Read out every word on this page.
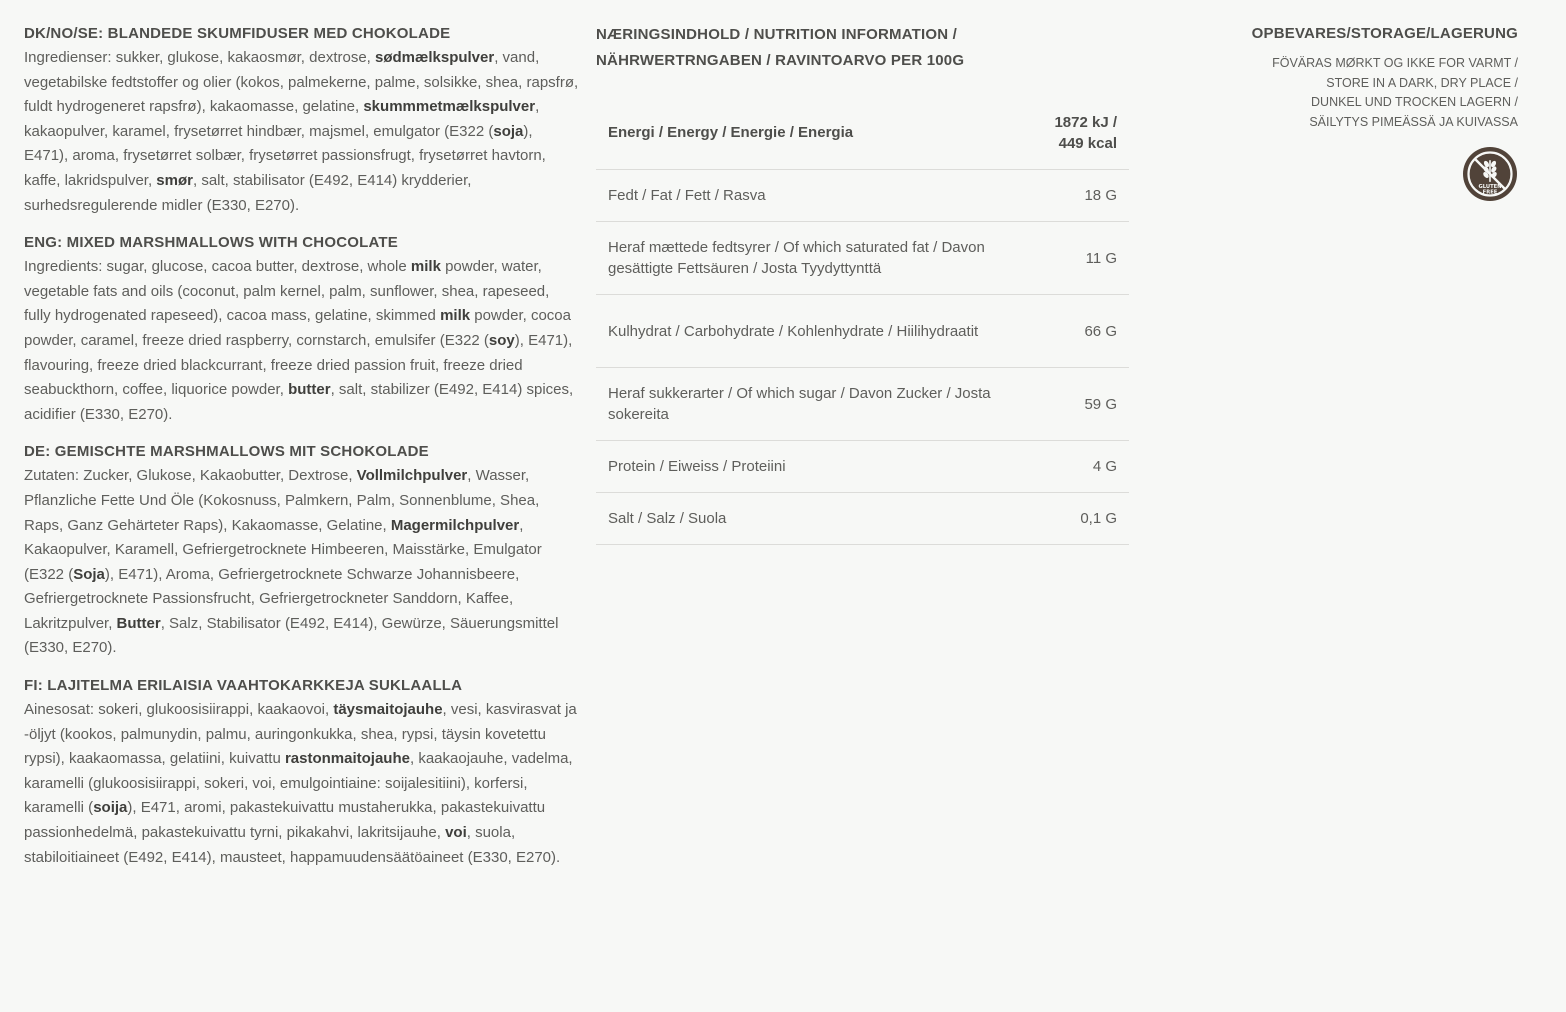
DK/NO/SE: BLANDEDE SKUMFIDUSER MED CHOKOLADE

Ingredienser: sukker, glukose, kakaosmør, dextrose, sødmælkspulver, vand, vegetabilske fedtstoffer og olier (kokos, palmekerne, palme, solsikke, shea, rapsfrø, fuldt hydrogeneret rapsfrø), kakaomasse, gelatine, skummmetmælkspulver, kakaopulver, karamel, frysetørret hindbær, majsmel, emulgator (E322 (soja), E471), aroma, frysetørret solbær, frysetørret passionsfrugt, frysetørret havtorn, kaffe, lakridspulver, smør, salt, stabilisator (E492, E414) krydderier, surhedsregulerende midler (E330, E270).

ENG: MIXED MARSHMALLOWS WITH CHOCOLATE

Ingredients: sugar, glucose, cacoa butter, dextrose, whole milk powder, water, vegetable fats and oils (coconut, palm kernel, palm, sunflower, shea, rapeseed, fully hydrogenated rapeseed), cacoa mass, gelatine, skimmed milk powder, cocoa powder, caramel, freeze dried raspberry, cornstarch, emulsifer (E322 (soy), E471), flavouring, freeze dried blackcurrant, freeze dried passion fruit, freeze dried seabuckthorn, coffee, liquorice powder, butter, salt, stabilizer (E492, E414) spices, acidifier (E330, E270).

DE: GEMISCHTE MARSHMALLOWS MIT SCHOKOLADE

Zutaten: Zucker, Glukose, Kakaobutter, Dextrose, Vollmilchpulver, Wasser, Pflanzliche Fette Und Öle (Kokosnuss, Palmkern, Palm, Sonnenblume, Shea, Raps, Ganz Gehärteter Raps), Kakaomasse, Gelatine, Magermilchpulver, Kakaopulver, Karamell, Gefriergetrocknete Himbeeren, Maisstärke, Emulgator (E322 (Soja), E471), Aroma, Gefriergetrocknete Schwarze Johannisbeere, Gefriergetrocknete Passionsfrucht, Gefriergetrockneter Sanddorn, Kaffee, Lakritzpulver, Butter, Salz, Stabilisator (E492, E414), Gewürze, Säuerungsmittel (E330, E270).

FI: LAJITELMA ERILAISIA VAAHTOKARKKEJA SUKLAALLA

Ainesosat: sokeri, glukoosisiirappi, kaakaovoi, täysmaitojauhe, vesi, kasvirasvat ja -öljyt (kookos, palmunydin, palmu, auringonkukka, shea, rypsi, täysin kovetettu rypsi), kaakaomassa, gelatiini, kuivattu rastonmaitojauhe, kaakaojauhe, vadelma, karamelli (glukoosisiirappi, sokeri, voi, emulgointiaine: soijalesitiini), korfersi, karamelli (soija), E471, aromi, pakastekuivattu mustaherukka, pakastekuivattu passionhedelmä, pakastekuivattu tyrni, pikakahvi, lakritsijauhe, voi, suola, stabiloitiaineet (E492, E414), mausteet, happamuudensäätöaineet (E330, E270).

NÆRINGSINDHOLD / NUTRITION INFORMATION /
NÄHRWERTRNGABEN / RAVINTOARVO PER 100G
Energi / Energy / Energie / Energia	1872 kJ / 449 kcal
Fedt / Fat / Fett / Rasva	18 G
Heraf mættede fedtsyrer / Of which saturated fat / Davon gesättigte Fettsäuren / Josta Tyydyttynttä	11 G
Kulhydrat / Carbohydrate / Kohlenhydrate / Hiilihydraatit	66 G
Heraf sukkerarter / Of which sugar / Davon Zucker / Josta sokereita	59 G
Protein / Eiweiss / Proteiini	4 G
Salt / Salz / Suola	0,1 G
OPBEVARES/STORAGE/LAGERUNG
FÖVÄRAS MØRKT OG IKKE FOR VARMT /
STORE IN A DARK, DRY PLACE /
DUNKEL UND TROCKEN LAGERN /
SÄILYTYS PIMEÄSSÄ JA KUIVASSA
GLUTEN
FREE
